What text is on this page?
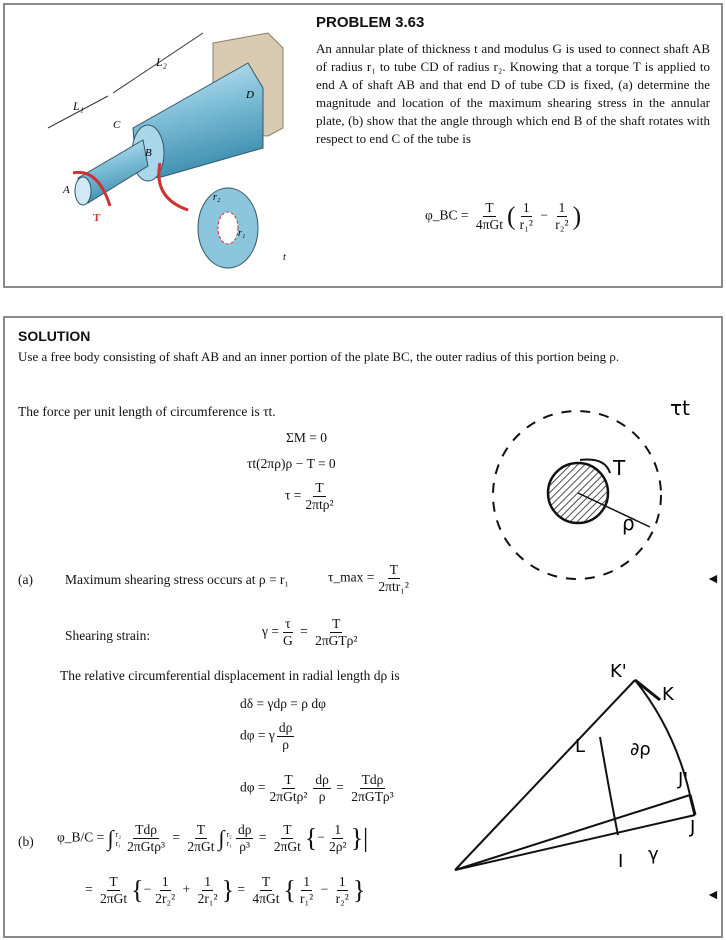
L₁
L₂
A
B
C
D
T
r₂
r₁
t
PROBLEM 3.63
An annular plate of thickness t and modulus G is used to connect shaft AB of radius r₁ to tube CD of radius r₂. Knowing that a torque T is applied to end A of shaft AB and that end D of tube CD is fixed, (a) determine the magnitude and location of the maximum shearing stress in the annular plate, (b) show that the angle through which end B of the shaft rotates with respect to end C of the tube is
φ_BC = $\frac{T}{\text{4πGt}}$ ( $\frac{1}{\text{r₁²}} - \frac{1}{\text{r₂²}}$ )
SOLUTION
Use a free body consisting of shaft AB and an inner portion of the plate BC, the outer radius of this portion being ρ.
The force per unit length of circumference is τt.
ΣM = 0
τt(2πρ)ρ − T = 0
$\tau = \frac{T}{\text{2πtρ²}}$
(a) Maximum shearing stress occurs at ρ = r₁	τ_max = $\frac{T}{\text{2πtr₁²}}$	◄
Shearing strain:	$\gamma = \frac{\tau}{G} = \frac{T}{\text{2πGTρ²}}$
The relative circumferential displacement in radial length dρ is
dδ = γdρ = ρ dφ
dφ = γ $\frac{d\rho}{\rho}$
$d\varphi = \frac{T}{\text{2πGtρ²}} \frac{d\rho}{\rho} = \frac{\text{Tdρ}}{\text{2πGTρ³}}$
(b) φ_B/C = ∫ r₂
$r_1 \frac{\text{Tdρ}}{\text{2πGtρ³}} = \frac{T}{\text{2πGt}}$ ∫ r₂
$r_1 \frac{d\rho}{\text{ρ³}} = \frac{T}{\text{2πGt}}$ {− $\frac{1}{\text{2ρ²}}$ }|
= $\frac{T}{\text{2πGt}}$ {− $\frac{1}{\text{2r₂²}} + \frac{1}{\text{2r₁²}}$ } = $\frac{T}{\text{4πGt}}$ { $\frac{1}{\text{r₁²}} - \frac{1}{\text{r₂²}}$ }	◄
τt
T
ρ
K'
K
L ∂ρ
J'
J
I γ
